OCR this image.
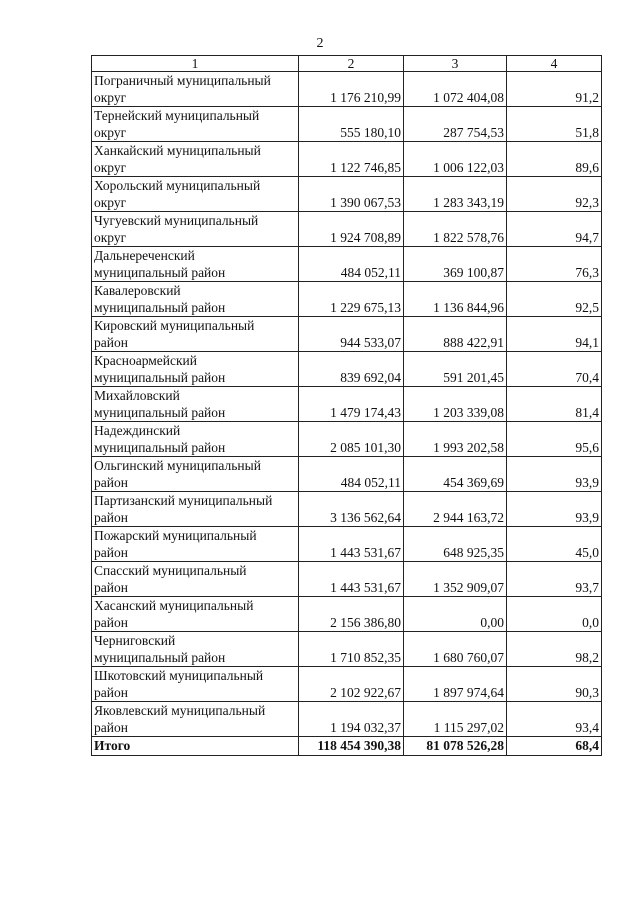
2
1	2	3	4
Пограничный муниципальный
округ	1 176 210,99	1 072 404,08	91,2
Тернейский муниципальный
округ	555 180,10	287 754,53	51,8
Ханкайский муниципальный
округ	1 122 746,85	1 006 122,03	89,6
Хорольский муниципальный
округ	1 390 067,53	1 283 343,19	92,3
Чугуевский муниципальный
округ	1 924 708,89	1 822 578,76	94,7
Дальнереченский
муниципальный район	484 052,11	369 100,87	76,3
Кавалеровский
муниципальный район	1 229 675,13	1 136 844,96	92,5
Кировский муниципальный
район	944 533,07	888 422,91	94,1
Красноармейский
муниципальный район	839 692,04	591 201,45	70,4
Михайловский
муниципальный район	1 479 174,43	1 203 339,08	81,4
Надеждинский
муниципальный район	2 085 101,30	1 993 202,58	95,6
Ольгинский муниципальный
район	484 052,11	454 369,69	93,9
Партизанский муниципальный
район	3 136 562,64	2 944 163,72	93,9
Пожарский муниципальный
район	1 443 531,67	648 925,35	45,0
Спасский муниципальный
район	1 443 531,67	1 352 909,07	93,7
Хасанский муниципальный
район	2 156 386,80	0,00	0,0
Черниговский
муниципальный район	1 710 852,35	1 680 760,07	98,2
Шкотовский муниципальный
район	2 102 922,67	1 897 974,64	90,3
Яковлевский муниципальный
район	1 194 032,37	1 115 297,02	93,4
Итого	118 454 390,38	81 078 526,28	68,4
